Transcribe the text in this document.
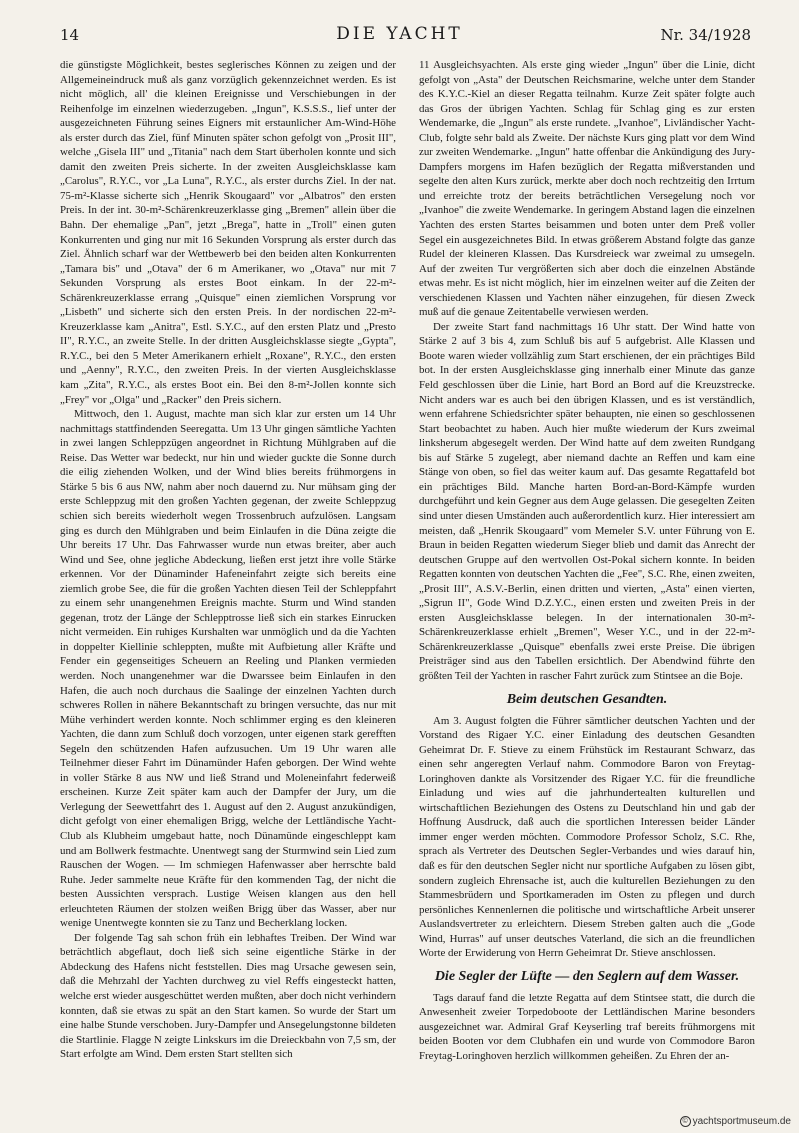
14	DIE YACHT	Nr. 34/1928

die günstigste Möglichkeit, bestes seglerisches Können zu zeigen und der Allgemeineindruck muß als ganz vorzüglich gekennzeichnet werden. Es ist nicht möglich, all' die kleinen Ereignisse und Verschiebungen in der Reihenfolge im einzelnen wiederzugeben. „Ingun", K.S.S.S., lief unter der ausgezeichneten Führung seines Eigners mit erstaunlicher Am-Wind-Höhe als erster durch das Ziel, fünf Minuten später schon gefolgt von „Prosit III", welche „Gisela III" und „Titania" nach dem Start überholen konnte und sich damit den zweiten Preis sicherte. In der zweiten Ausgleichsklasse kam „Carolus", R.Y.C., vor „La Luna", R.Y.C., als erster durchs Ziel. In der nat. 75-m²-Klasse sicherte sich „Henrik Skougaard" vor „Albatros" den ersten Preis. In der int. 30-m²-Schärenkreuzerklasse ging „Bremen" allein über die Bahn. Der ehemalige „Pan", jetzt „Brega", hatte in „Troll" einen guten Konkurrenten und ging nur mit 16 Sekunden Vorsprung als erster durch das Ziel. Ähnlich scharf war der Wettbewerb bei den beiden alten Konkurrenten „Tamara bis" und „Otava" der 6 m Amerikaner, wo „Otava" nur mit 7 Sekunden Vorsprung als erstes Boot einkam. In der 22-m²-Schärenkreuzerklasse errang „Quisque" einen ziemlichen Vorsprung vor „Lisbeth" und sicherte sich den ersten Preis. In der nordischen 22-m²-Kreuzerklasse kam „Anitra", Estl. S.Y.C., auf den ersten Platz und „Presto II", R.Y.C., an zweite Stelle. In der dritten Ausgleichsklasse siegte „Gypta", R.Y.C., bei den 5 Meter Amerikanern erhielt „Roxane", R.Y.C., den ersten und „Aenny", R.Y.C., den zweiten Preis. In der vierten Ausgleichsklasse kam „Zita", R.Y.C., als erstes Boot ein. Bei den 8-m²-Jollen konnte sich „Frey" vor „Olga" und „Racker" den Preis sichern.

Mittwoch, den 1. August, machte man sich klar zur ersten um 14 Uhr nachmittags stattfindenden Seeregatta. Um 13 Uhr gingen sämtliche Yachten in zwei langen Schleppzügen angeordnet in Richtung Mühlgraben auf die Reise. Das Wetter war bedeckt, nur hin und wieder guckte die Sonne durch die eilig ziehenden Wolken, und der Wind blies bereits frühmorgens in Stärke 5 bis 6 aus NW, nahm aber noch dauernd zu. Nur mühsam ging der erste Schleppzug mit den großen Yachten gegenan, der zweite Schleppzug schien sich bereits wiederholt wegen Trossenbruch aufzulösen. Langsam ging es durch den Mühlgraben und beim Einlaufen in die Düna zeigte die Uhr bereits 17 Uhr. Das Fahrwasser wurde nun etwas breiter, aber auch Wind und See, ohne jegliche Abdeckung, ließen erst jetzt ihre volle Stärke erkennen. Vor der Dünaminder Hafeneinfahrt zeigte sich bereits eine ziemlich grobe See, die für die großen Yachten diesen Teil der Schleppfahrt zu einem sehr unangenehmen Ereignis machte. Sturm und Wind standen gegenan, trotz der Länge der Schlepptrosse ließ sich ein starkes Einrucken nicht vermeiden. Ein ruhiges Kurshalten war unmöglich und da die Yachten in doppelter Kiellinie schleppten, mußte mit Aufbietung aller Kräfte und Fender ein gegenseitiges Scheuern an Reeling und Planken vermieden werden. Noch unangenehmer war die Dwarssee beim Einlaufen in den Hafen, die auch noch durchaus die Saalinge der einzelnen Yachten durch schweres Rollen in nähere Bekanntschaft zu bringen versuchte, das nur mit Mühe verhindert werden konnte. Noch schlimmer erging es den kleineren Yachten, die dann zum Schluß doch vorzogen, unter eigenen stark gerefften Segeln den schützenden Hafen aufzusuchen. Um 19 Uhr waren alle Teilnehmer dieser Fahrt im Dünamünder Hafen geborgen. Der Wind wehte in voller Stärke 8 aus NW und ließ Strand und Moleneinfahrt federweiß erscheinen. Kurze Zeit später kam auch der Dampfer der Jury, um die Verlegung der Seewettfahrt des 1. August auf den 2. August anzukündigen, dicht gefolgt von einer ehemaligen Brigg, welche der Lettländische Yacht-Club als Klubheim umgebaut hatte, noch Dünamünde eingeschleppt kam und am Bollwerk festmachte. Unentwegt sang der Sturmwind sein Lied zum Rauschen der Wogen. — Im schmiegen Hafenwasser aber herrschte bald Ruhe. Jeder sammelte neue Kräfte für den kommenden Tag, der nicht die besten Aussichten versprach. Lustige Weisen klangen aus den hell erleuchteten Räumen der stolzen weißen Brigg über das Wasser, aber nur wenige Unentwegte konnten sie zu Tanz und Becherklang locken.

Der folgende Tag sah schon früh ein lebhaftes Treiben. Der Wind war beträchtlich abgeflaut, doch ließ sich seine eigentliche Stärke in der Abdeckung des Hafens nicht feststellen. Dies mag Ursache gewesen sein, daß die Mehrzahl der Yachten durchweg zu viel Reffs eingesteckt hatten, welche erst wieder ausgeschüttet werden mußten, aber doch nicht verhindern konnten, daß sie etwas zu spät an den Start kamen. So wurde der Start um eine halbe Stunde verschoben. Jury-Dampfer und Ansegelungstonne bildeten die Startlinie. Flagge N zeigte Linkskurs im die Dreieckbahn von 7,5 sm, der Start erfolgte am Wind. Dem ersten Start stellten sich

11 Ausgleichsyachten. Als erste ging wieder „Ingun" über die Linie, dicht gefolgt von „Asta" der Deutschen Reichsmarine, welche unter dem Stander des K.Y.C.-Kiel an dieser Regatta teilnahm. Kurze Zeit später folgte auch das Gros der übrigen Yachten. Schlag für Schlag ging es zur ersten Wendemarke, die „Ingun" als erste rundete. „Ivanhoe", Livländischer Yacht-Club, folgte sehr bald als Zweite. Der nächste Kurs ging platt vor dem Wind zur zweiten Wendemarke. „Ingun" hatte offenbar die Ankündigung des Jury-Dampfers morgens im Hafen bezüglich der Regatta mißverstanden und segelte den alten Kurs zurück, merkte aber doch noch rechtzeitig den Irrtum und erreichte trotz der bereits beträchtlichen Versegelung noch vor „Ivanhoe" die zweite Wendemarke. In geringem Abstand lagen die einzelnen Yachten des ersten Startes beisammen und boten unter dem Preß voller Segel ein ausgezeichnetes Bild. In etwas größerem Abstand folgte das ganze Rudel der kleineren Klassen. Das Kursdreieck war zweimal zu umsegeln. Auf der zweiten Tur vergrößerten sich aber doch die einzelnen Abstände etwas mehr. Es ist nicht möglich, hier im einzelnen weiter auf die Zeiten der verschiedenen Klassen und Yachten näher einzugehen, für diesen Zweck muß auf die genaue Zeitentabelle verwiesen werden.

Der zweite Start fand nachmittags 16 Uhr statt. Der Wind hatte von Stärke 2 auf 3 bis 4, zum Schluß bis auf 5 aufgebrist. Alle Klassen und Boote waren wieder vollzählig zum Start erschienen, der ein prächtiges Bild bot. In der ersten Ausgleichsklasse ging innerhalb einer Minute das ganze Feld geschlossen über die Linie, hart Bord an Bord auf die Kreuzstrecke. Nicht anders war es auch bei den übrigen Klassen, und es ist verständlich, wenn erfahrene Schiedsrichter später behaupten, nie einen so geschlossenen Start beobachtet zu haben. Auch hier mußte wiederum der Kurs zweimal linksherum abgesegelt werden. Der Wind hatte auf dem zweiten Rundgang bis auf Stärke 5 zugelegt, aber niemand dachte an Reffen und kam eine Stänge von oben, so fiel das weiter kaum auf. Das gesamte Regattafeld bot ein prächtiges Bild. Manche harten Bord-an-Bord-Kämpfe wurden durchgeführt und kein Gegner aus dem Auge gelassen. Die gesegelten Zeiten sind unter diesen Umständen auch außerordentlich kurz. Hier interessiert am meisten, daß „Henrik Skougaard" vom Memeler S.V. unter Führung von E. Braun in beiden Regatten wiederum Sieger blieb und damit das Anrecht der deutschen Gruppe auf den wertvollen Ost-Pokal sichern konnte. In beiden Regatten konnten von deutschen Yachten die „Fee", S.C. Rhe, einen zweiten, „Prosit III", A.S.V.-Berlin, einen dritten und vierten, „Asta" einen vierten, „Sigrun II", Gode Wind D.Z.Y.C., einen ersten und zweiten Preis in der ersten Ausgleichsklasse belegen. In der internationalen 30-m²-Schärenkreuzerklasse erhielt „Bremen", Weser Y.C., und in der 22-m²-Schärenkreuzerklasse „Quisque" ebenfalls zwei erste Preise. Die übrigen Preisträger sind aus den Tabellen ersichtlich. Der Abendwind führte den größten Teil der Yachten in rascher Fahrt zurück zum Stintsee an die Boje.

Beim deutschen Gesandten.

Am 3. August folgten die Führer sämtlicher deutschen Yachten und der Vorstand des Rigaer Y.C. einer Einladung des deutschen Gesandten Geheimrat Dr. F. Stieve zu einem Frühstück im Restaurant Schwarz, das einen sehr angeregten Verlauf nahm. Commodore Baron von Freytag-Loringhoven dankte als Vorsitzender des Rigaer Y.C. für die freundliche Einladung und wies auf die jahrhundertealten kulturellen und wirtschaftlichen Beziehungen des Ostens zu Deutschland hin und gab der Hoffnung Ausdruck, daß auch die sportlichen Interessen beider Länder immer enger werden möchten. Commodore Professor Scholz, S.C. Rhe, sprach als Vertreter des Deutschen Segler-Verbandes und wies darauf hin, daß es für den deutschen Segler nicht nur sportliche Aufgaben zu lösen gibt, sondern zugleich Ehrensache ist, auch die kulturellen Beziehungen zu den Stammesbrüdern und Sportkameraden im Osten zu pflegen und durch persönliches Kennenlernen die politische und wirtschaftliche Arbeit unserer Auslandsvertreter zu erleichtern. Diesem Streben galten auch die „Gode Wind, Hurras" auf unser deutsches Vaterland, die sich an die freundlichen Worte der Erwiderung von Herrn Geheimrat Dr. Stieve anschlossen.

Die Segler der Lüfte — den Seglern auf dem Wasser.

Tags darauf fand die letzte Regatta auf dem Stintsee statt, die durch die Anwesenheit zweier Torpedoboote der Lettländischen Marine besonders ausgezeichnet war. Admiral Graf Keyserling traf bereits frühmorgens mit beiden Booten vor dem Clubhafen ein und wurde von Commodore Baron Freytag-Loringhoven herzlich willkommen geheißen. Zu Ehren der an-

© yachtsportmuseum.de
